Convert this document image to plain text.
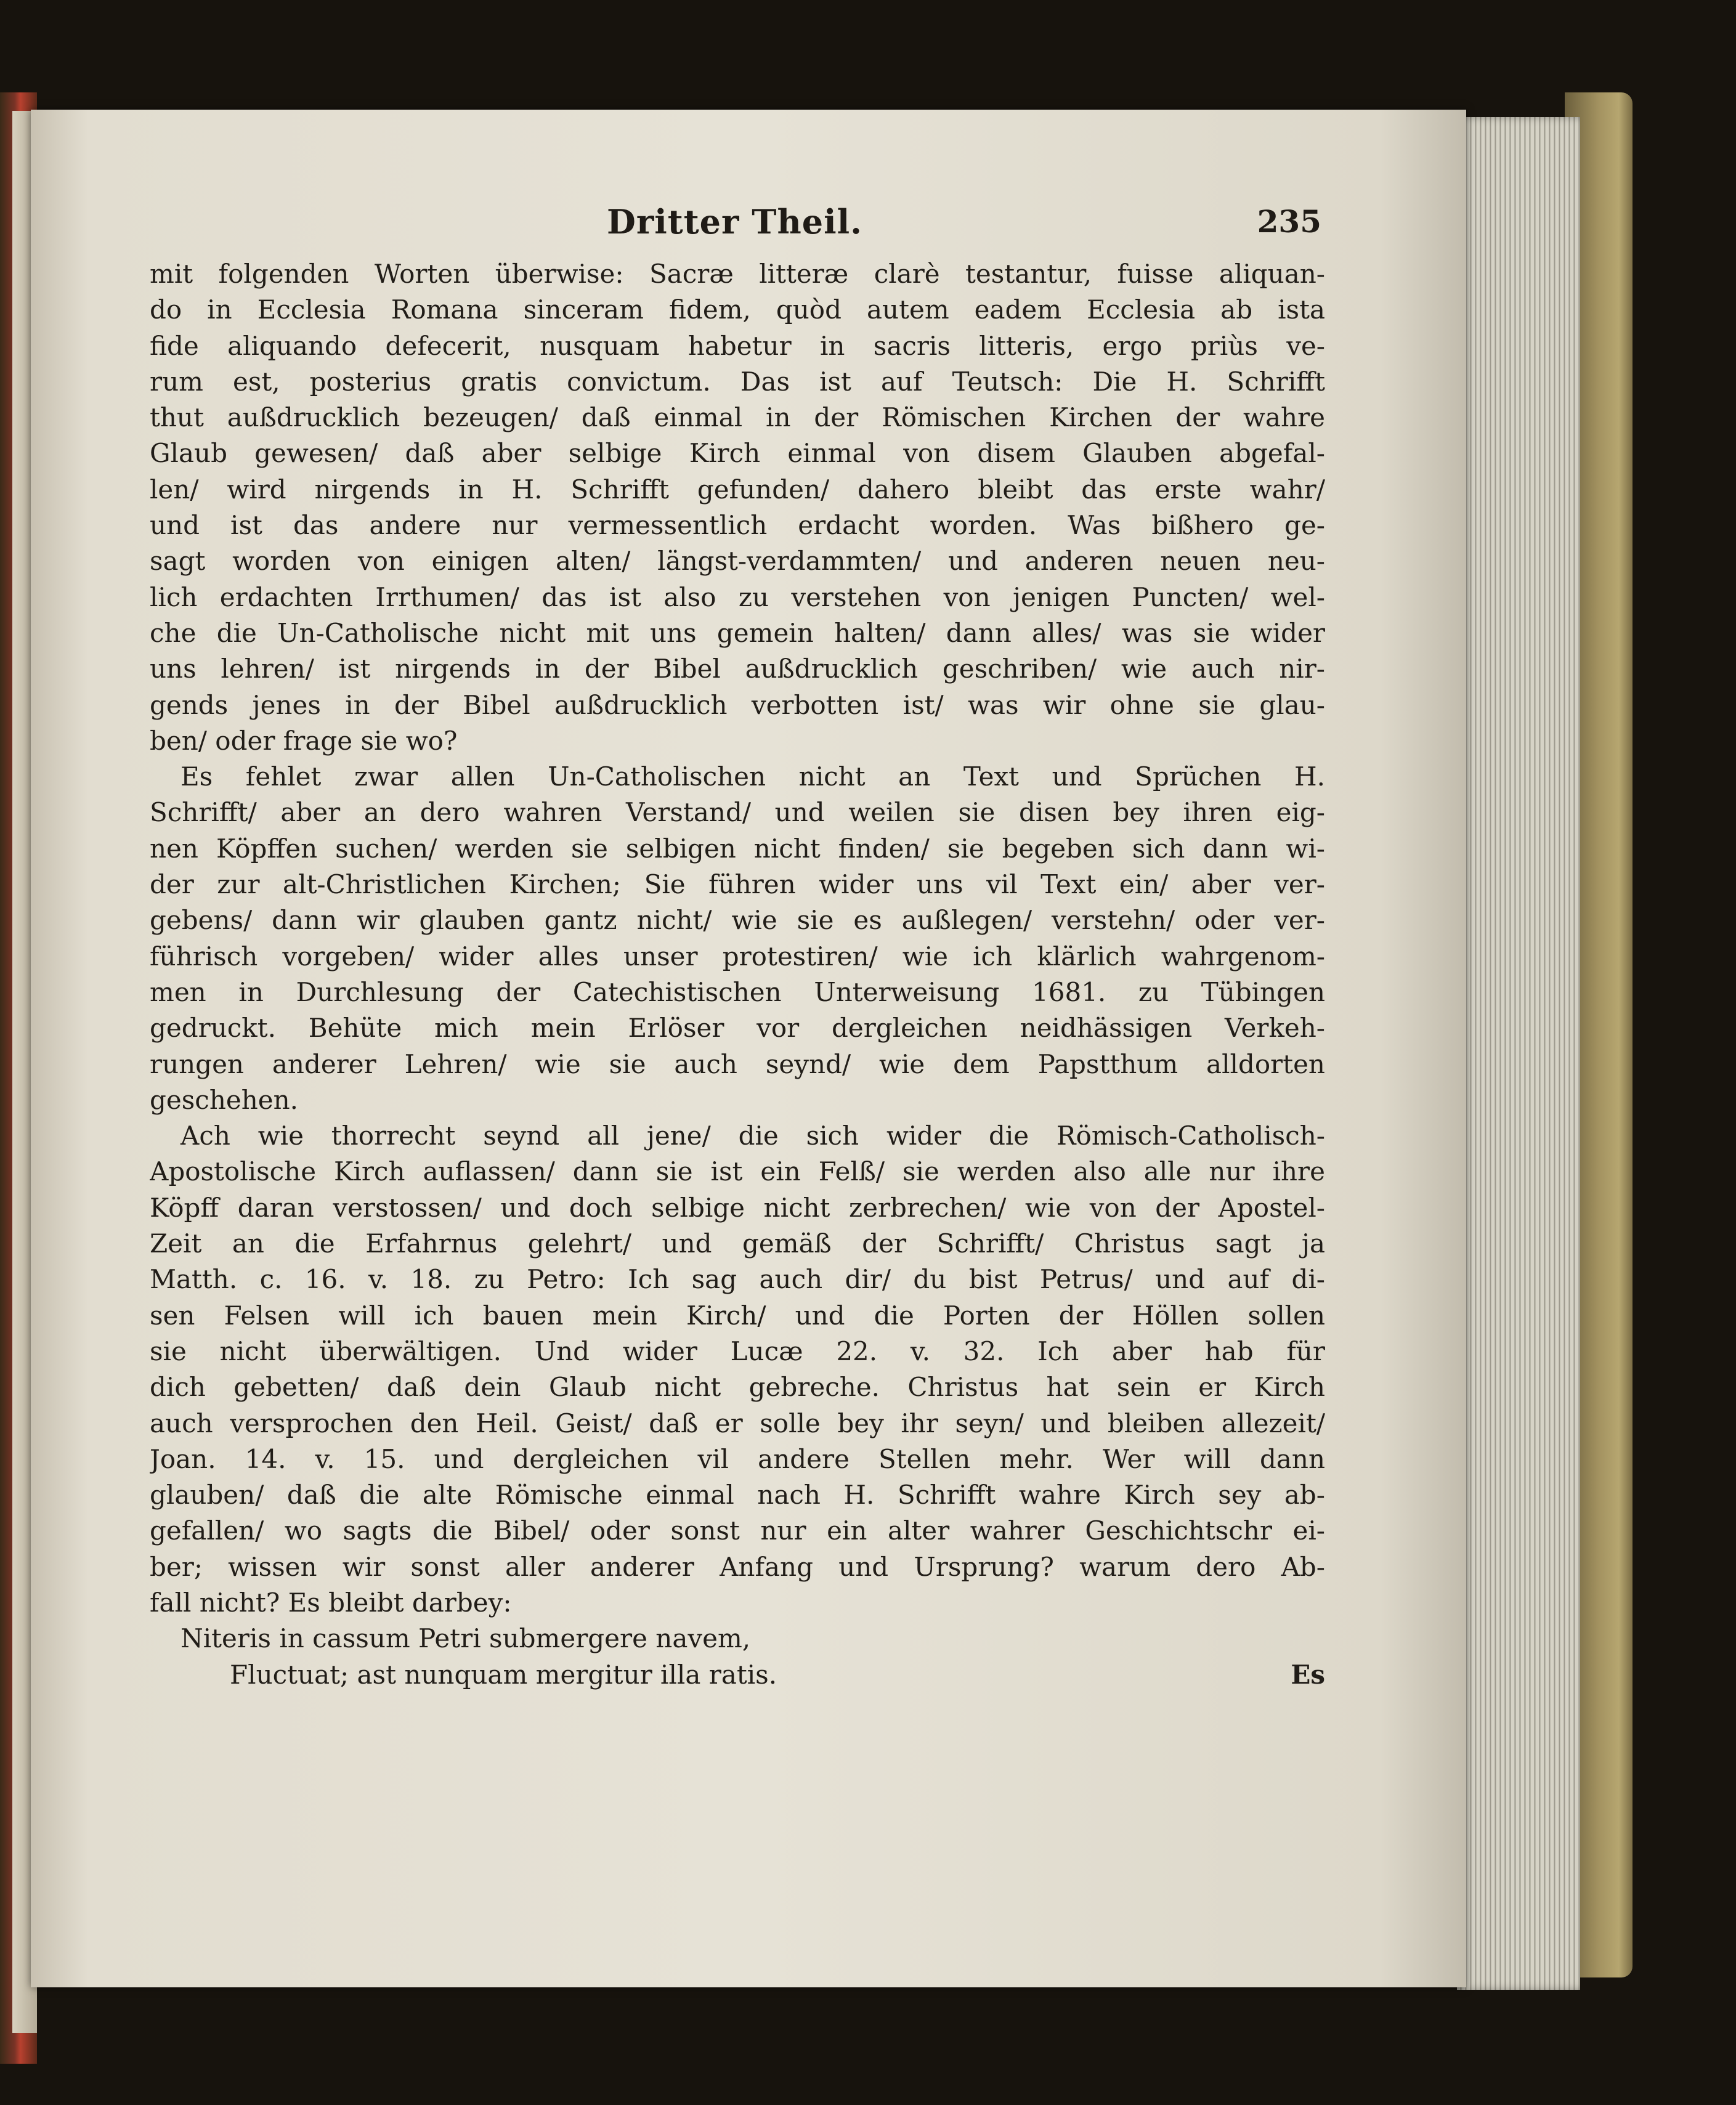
Dritter Theil.	235
mit folgenden Worten überwise: Sacræ litteræ clarè testantur, fuisse aliquan-
do in Ecclesia Romana sinceram fidem, quòd autem eadem Ecclesia ab ista
fide aliquando defecerit, nusquam habetur in sacris litteris, ergo priùs ve-
rum est, posterius gratis convictum. Das ist auf Teutsch: Die H. Schrifft
thut außdrucklich bezeugen/ daß einmal in der Römischen Kirchen der wahre
Glaub gewesen/ daß aber selbige Kirch einmal von disem Glauben abgefal-
len/ wird nirgends in H. Schrifft gefunden/ dahero bleibt das erste wahr/
und ist das andere nur vermessentlich erdacht worden. Was bißhero ge-
sagt worden von einigen alten/ längst-verdammten/ und anderen neuen neu-
lich erdachten Irrthumen/ das ist also zu verstehen von jenigen Puncten/ wel-
che die Un-Catholische nicht mit uns gemein halten/ dann alles/ was sie wider
uns lehren/ ist nirgends in der Bibel außdrucklich geschriben/ wie auch nir-
gends jenes in der Bibel außdrucklich verbotten ist/ was wir ohne sie glau-
ben/ oder frage sie wo?
Es fehlet zwar allen Un-Catholischen nicht an Text und Sprüchen H.
Schrifft/ aber an dero wahren Verstand/ und weilen sie disen bey ihren eig-
nen Köpffen suchen/ werden sie selbigen nicht finden/ sie begeben sich dann wi-
der zur alt-Christlichen Kirchen; Sie führen wider uns vil Text ein/ aber ver-
gebens/ dann wir glauben gantz nicht/ wie sie es außlegen/ verstehn/ oder ver-
führisch vorgeben/ wider alles unser protestiren/ wie ich klärlich wahrgenom-
men in Durchlesung der Catechistischen Unterweisung 1681. zu Tübingen
gedruckt. Behüte mich mein Erlöser vor dergleichen neidhässigen Verkeh-
rungen anderer Lehren/ wie sie auch seynd/ wie dem Papstthum alldorten
geschehen.
Ach wie thorrecht seynd all jene/ die sich wider die Römisch-Catholisch-
Apostolische Kirch auflassen/ dann sie ist ein Felß/ sie werden also alle nur ihre
Köpff daran verstossen/ und doch selbige nicht zerbrechen/ wie von der Apostel-
Zeit an die Erfahrnus gelehrt/ und gemäß der Schrifft/ Christus sagt ja
Matth. c. 16. v. 18. zu Petro: Ich sag auch dir/ du bist Petrus/ und auf di-
sen Felsen will ich bauen mein Kirch/ und die Porten der Höllen sollen
sie nicht überwältigen. Und wider Lucæ 22. v. 32. Ich aber hab für
dich gebetten/ daß dein Glaub nicht gebreche. Christus hat sein er Kirch
auch versprochen den Heil. Geist/ daß er solle bey ihr seyn/ und bleiben allezeit/
Joan. 14. v. 15. und dergleichen vil andere Stellen mehr. Wer will dann
glauben/ daß die alte Römische einmal nach H. Schrifft wahre Kirch sey ab-
gefallen/ wo sagts die Bibel/ oder sonst nur ein alter wahrer Geschichtschr ei-
ber; wissen wir sonst aller anderer Anfang und Ursprung? warum dero Ab-
fall nicht? Es bleibt darbey:
Niteris in cassum Petri submergere navem,
Fluctuat; ast nunquam mergitur illa ratis.	Es
